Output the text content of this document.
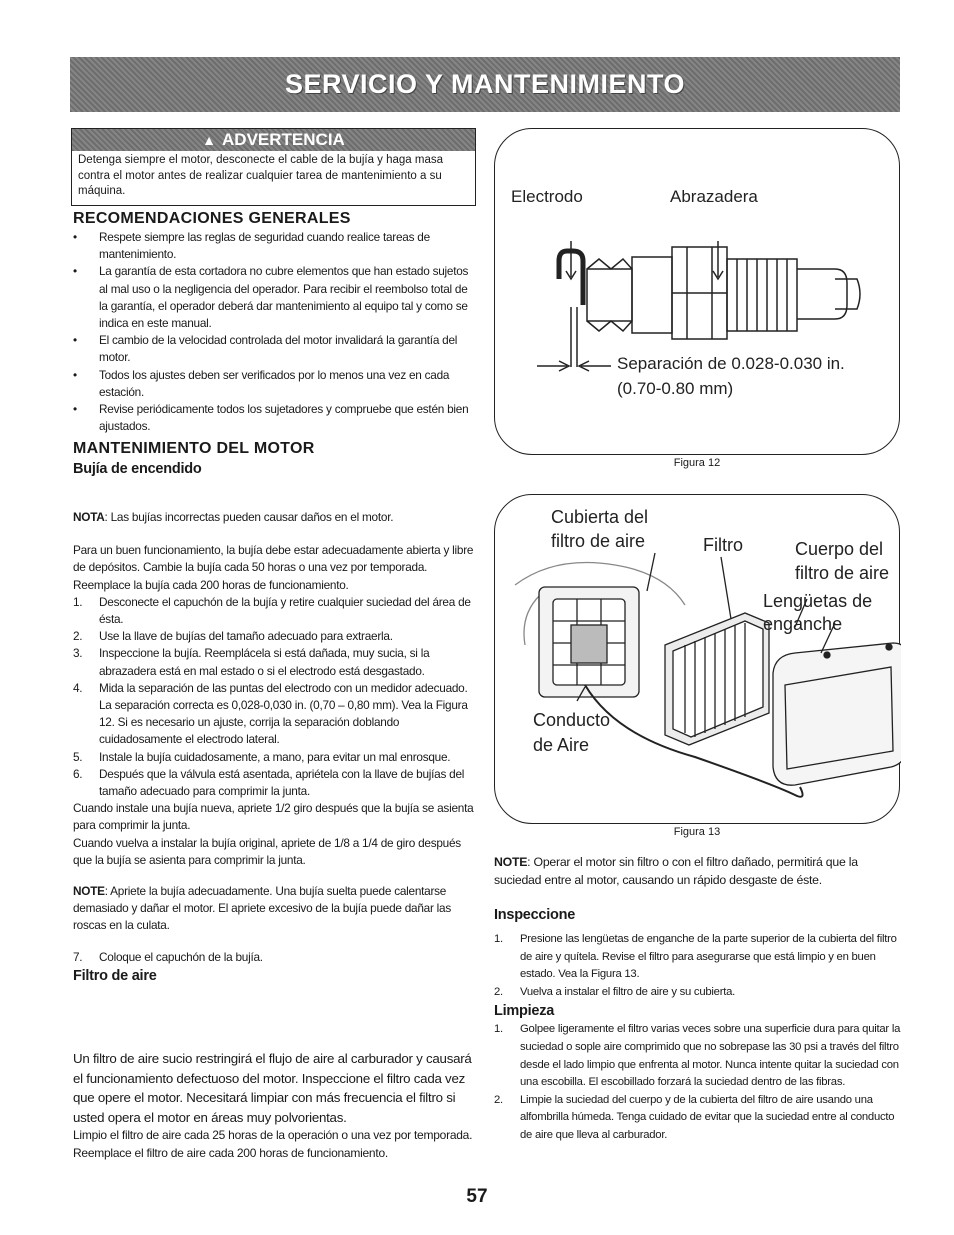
SERVICIO Y MANTENIMIENTO
▲ ADVERTENCIA
Detenga siempre el motor, desconecte el cable de la bujía y haga masa contra el motor antes de realizar cualquier tarea de mantenimiento a su máquina.
RECOMENDACIONES GENERALES
• Respete siempre las reglas de seguridad cuando realice tareas de mantenimiento.
• La garantía de esta cortadora no cubre elementos que han estado sujetos al mal uso o la negligencia del operador. Para recibir el reembolso total de la garantía, el operador deberá dar mantenimiento al equipo tal y como se indica en este manual.
• El cambio de la velocidad controlada del motor invalidará la garantía del motor.
• Todos los ajustes deben ser verificados por lo menos una vez en cada estación.
• Revise periódicamente todos los sujetadores y compruebe que estén bien ajustados.
MANTENIMIENTO DEL MOTOR
Bujía de encendido

NOTA: Las bujías incorrectas pueden causar daños en el motor.

Para un buen funcionamiento, la bujía debe estar adecuadamente abierta y libre de depósitos. Cambie la bujía cada 50 horas o una vez por temporada. Reemplace la bujía cada 200 horas de funcionamiento.

1. Desconecte el capuchón de la bujía y retire cualquier suciedad del área de ésta.
2. Use la llave de bujías del tamaño adecuado para extraerla.
3. Inspeccione la bujía. Reemplácela si está dañada, muy sucia, si la abrazadera está en mal estado o si el electrodo está desgastado.
4. Mida la separación de las puntas del electrodo con un medidor adecuado. La separación correcta es 0,028-0,030 in. (0,70 – 0,80 mm). Vea la Figura 12. Si es necesario un ajuste, corrija la separación doblando cuidadosamente el electrodo lateral.
5. Instale la bujía cuidadosamente, a mano, para evitar un mal enrosque.
6. Después que la válvula está asentada, apriétela con la llave de bujías del tamaño adecuado para comprimir la junta.

Cuando instale una bujía nueva, apriete 1/2 giro después que la bujía se asienta para comprimir la junta.

Cuando vuelva a instalar la bujía original, apriete de 1/8 a 1/4 de giro después que la bujía se asienta para comprimir la junta.

NOTE: Apriete la bujía adecuadamente. Una bujía suelta puede calentarse demasiado y dañar el motor. El apriete excesivo de la bujía puede dañar las roscas en la culata.

7. Coloque el capuchón de la bujía.
Filtro de aire

Un filtro de aire sucio restringirá el flujo de aire al carburador y causará el funcionamiento defectuoso del motor. Inspeccione el filtro cada vez que opere el motor. Necesitará limpiar con más frecuencia el filtro si usted opera el motor en áreas muy polvorientas.

Limpio el filtro de aire cada 25 horas de la operación o una vez por temporada.

Reemplace el filtro de aire cada 200 horas de funcionamiento.

Electrodo	Abrazadera
Separación de 0.028-0.030 in.
(0.70-0.80 mm)
Figura 12
Cubierta del
filtro de aire	Filtro	Cuerpo del
filtro de aire
Lengüetas de
enganche
Conducto
de Aire
Figura 13

NOTE: Operar el motor sin filtro o con el filtro dañado, permitirá que la suciedad entre al motor, causando un rápido desgaste de éste.

Inspeccione
1. Presione las lengüetas de enganche de la parte superior de la cubierta del filtro de aire y quítela. Revise el filtro para asegurarse que está limpio y en buen estado. Vea la Figura 13.
2. Vuelva a instalar el filtro de aire y su cubierta.
Limpieza
1. Golpee ligeramente el filtro varias veces sobre una superficie dura para quitar la suciedad o sople aire comprimido que no sobrepase las 30 psi a través del filtro desde el lado limpio que enfrenta al motor. Nunca intente quitar la suciedad con una escobilla. El escobillado forzará la suciedad dentro de las fibras.
2. Limpie la suciedad del cuerpo y de la cubierta del filtro de aire usando una alfombrilla húmeda. Tenga cuidado de evitar que la suciedad entre al conducto de aire que lleva al carburador.
57
